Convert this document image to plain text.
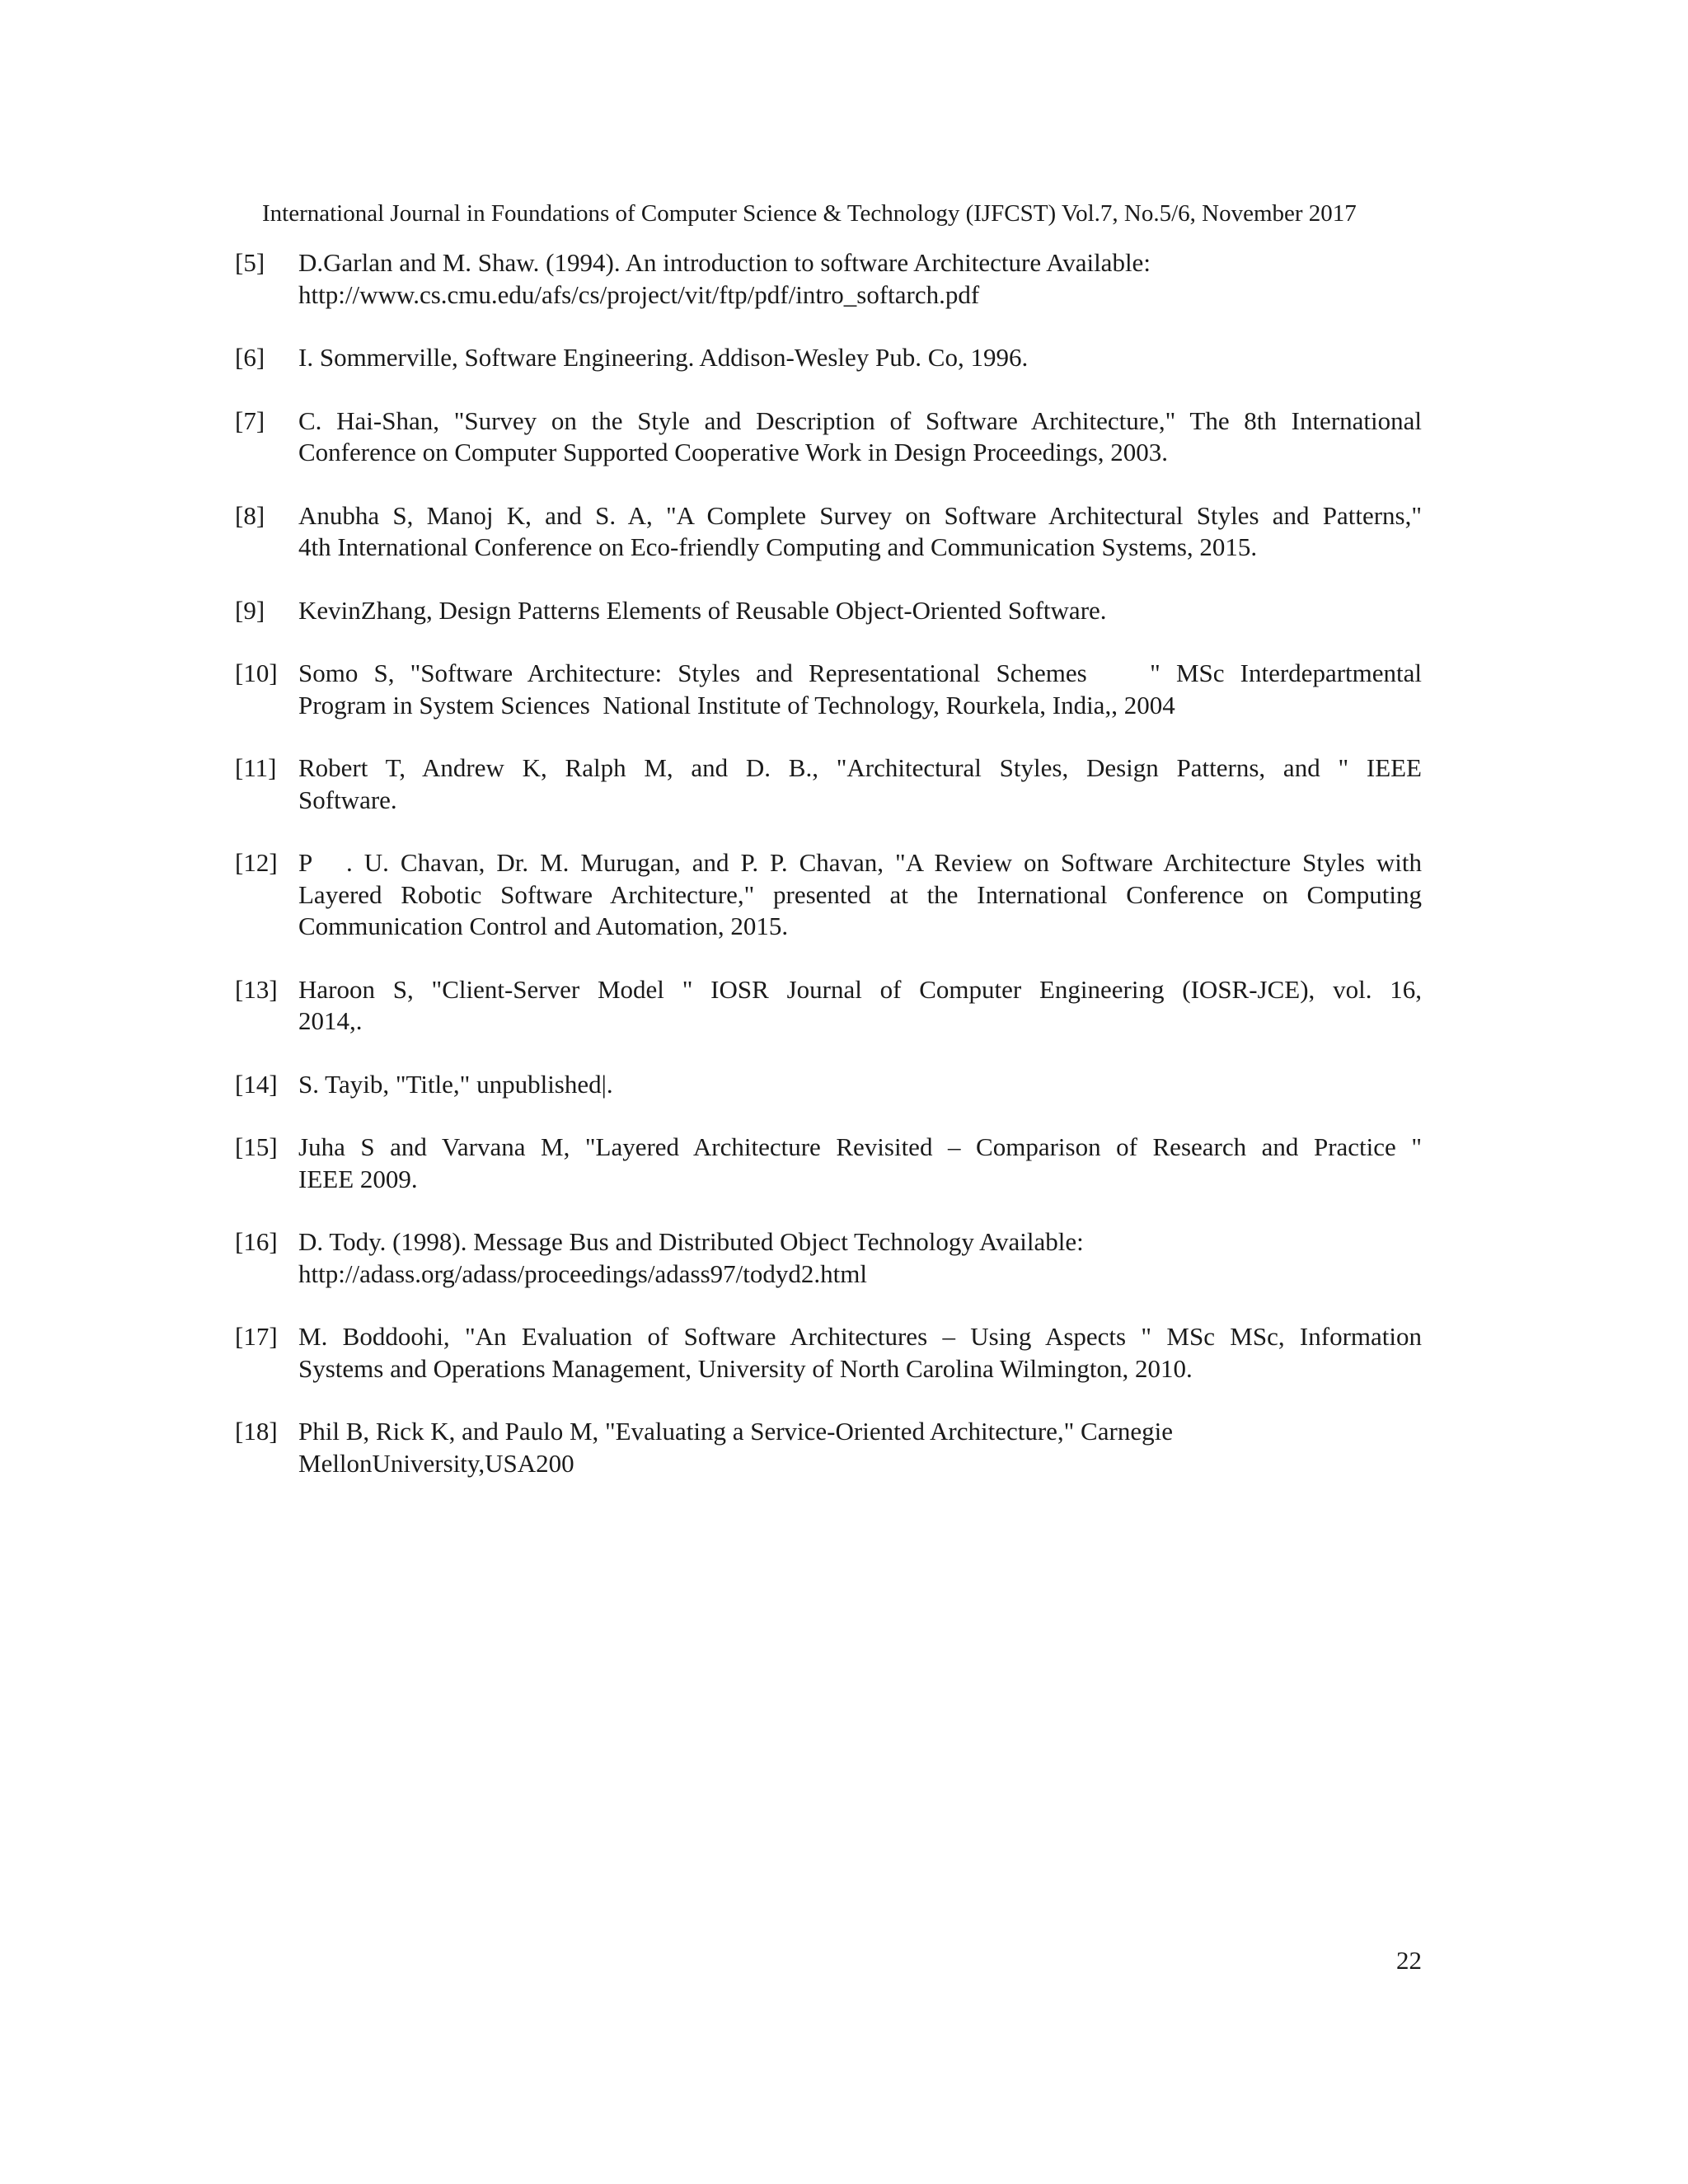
International Journal in Foundations of Computer Science & Technology (IJFCST) Vol.7, No.5/6, November 2017
[5]	D.Garlan and M. Shaw. (1994). An introduction to software Architecture Available:
http://www.cs.cmu.edu/afs/cs/project/vit/ftp/pdf/intro_softarch.pdf
[6]	I. Sommerville, Software Engineering. Addison-Wesley Pub. Co, 1996.
[7]	C. Hai-Shan, "Survey on the Style and Description of Software Architecture," The 8th International
Conference on Computer Supported Cooperative Work in Design Proceedings, 2003.
[8]	Anubha S, Manoj K, and S. A, "A Complete Survey on Software Architectural Styles and Patterns,"
4th International Conference on Eco-friendly Computing and Communication Systems, 2015.
[9]	KevinZhang, Design Patterns Elements of Reusable Object-Oriented Software.
[10] Somo S, "Software Architecture: Styles and Representational Schemes    " MSc Interdepartmental
Program in System Sciences  National Institute of Technology, Rourkela, India,, 2004
[11] Robert T, Andrew K, Ralph M, and D. B., "Architectural Styles, Design Patterns, and " IEEE
Software.
[12] P   . U. Chavan, Dr. M. Murugan, and P. P. Chavan, "A Review on Software Architecture Styles with
Layered Robotic Software Architecture," presented at the International Conference on Computing
Communication Control and Automation, 2015.
[13] Haroon S, "Client-Server Model " IOSR Journal of Computer Engineering (IOSR-JCE), vol. 16,
2014,.
[14] S. Tayib, "Title," unpublished|.
[15] Juha S and Varvana M, "Layered Architecture Revisited – Comparison of Research and Practice "
IEEE 2009.
[16] D. Tody. (1998). Message Bus and Distributed Object Technology Available:
http://adass.org/adass/proceedings/adass97/todyd2.html
[17] M. Boddoohi, "An Evaluation of Software Architectures – Using Aspects " MSc MSc, Information
Systems and Operations Management, University of North Carolina Wilmington, 2010.
[18] Phil B, Rick K, and Paulo M, "Evaluating a Service-Oriented Architecture," Carnegie
MellonUniversity,USA200
22
